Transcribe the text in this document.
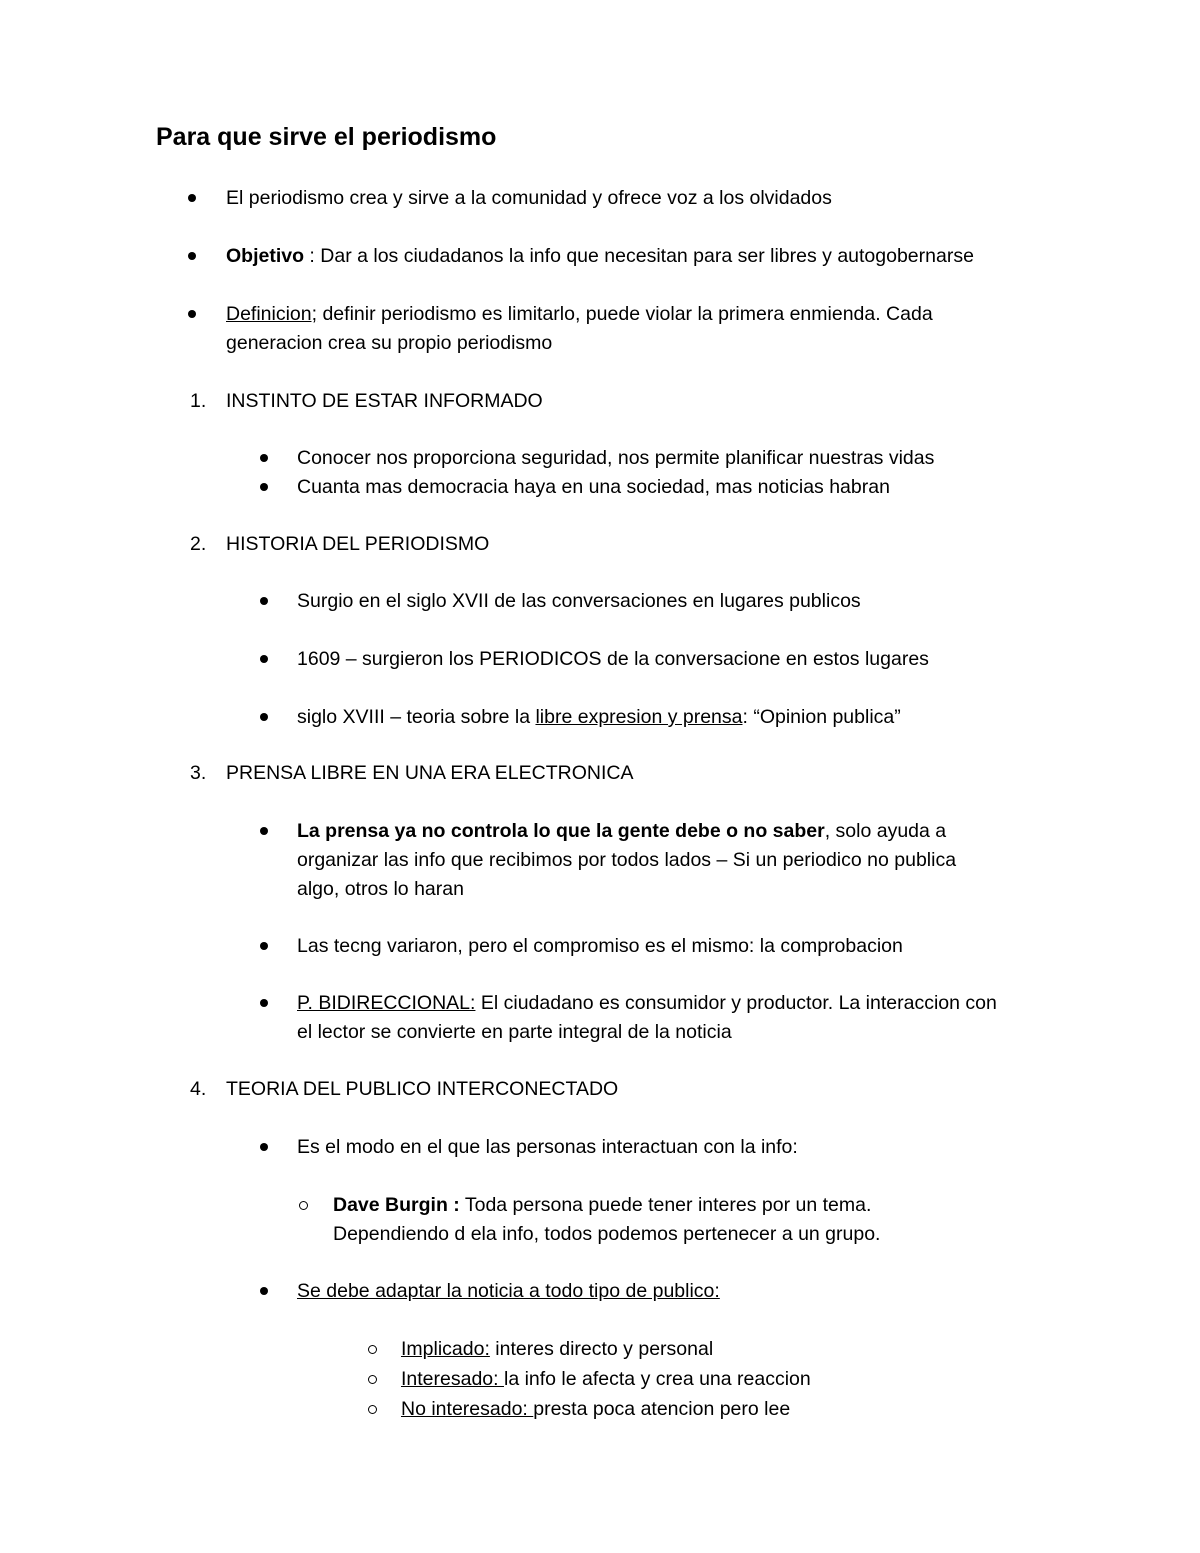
Para que sirve el periodismo
El periodismo crea y sirve a la comunidad y ofrece voz a los olvidados
Objetivo : Dar a los ciudadanos la info que necesitan para ser libres y autogobernarse
Definicion; definir periodismo es limitarlo, puede violar la primera enmienda. Cada
generacion crea su propio periodismo
1. INSTINTO DE ESTAR INFORMADO
Conocer nos proporciona seguridad, nos permite planificar nuestras vidas
Cuanta mas democracia haya en una sociedad, mas noticias habran
2. HISTORIA DEL PERIODISMO
Surgio en el siglo XVII de las conversaciones en lugares publicos
1609 – surgieron los PERIODICOS de la conversacione en estos lugares
siglo XVIII – teoria sobre la libre expresion y prensa: “Opinion publica”
3. PRENSA LIBRE EN UNA ERA ELECTRONICA
La prensa ya no controla lo que la gente debe o no saber, solo ayuda a
organizar las info que recibimos por todos lados – Si un periodico no publica
algo, otros lo haran
Las tecng variaron, pero el compromiso es el mismo: la comprobacion
P. BIDIRECCIONAL: El ciudadano es consumidor y productor. La interaccion con
el lector se convierte en parte integral de la noticia
4. TEORIA DEL PUBLICO INTERCONECTADO
Es el modo en el que las personas interactuan con la info:
Dave Burgin : Toda persona puede tener interes por un tema.
Dependiendo d ela info, todos podemos pertenecer a un grupo.
Se debe adaptar la noticia a todo tipo de publico:
Implicado: interes directo y personal
Interesado: la info le afecta y crea una reaccion
No interesado: presta poca atencion pero lee
